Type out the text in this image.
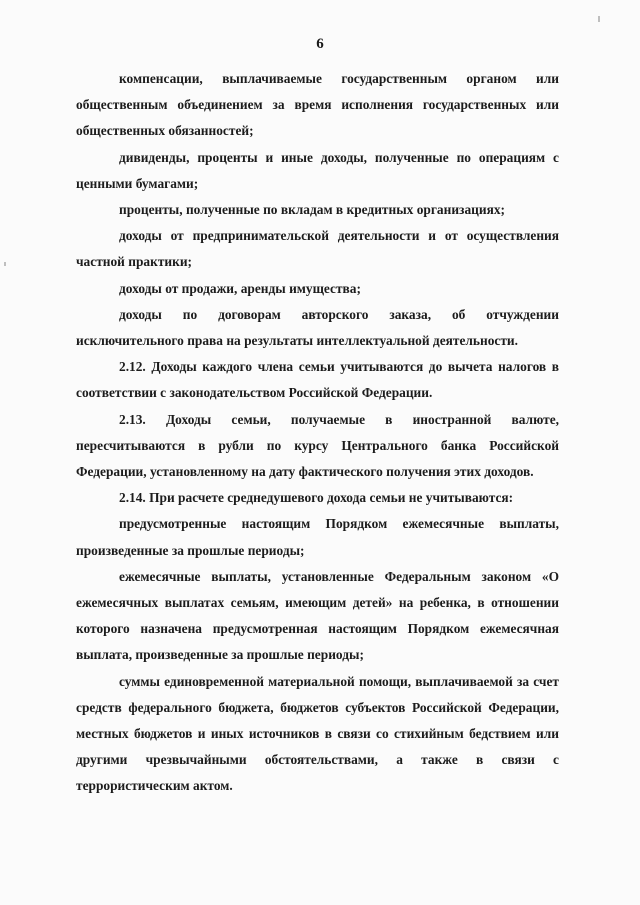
6

компенсации, выплачиваемые государственным органом или общественным объединением за время исполнения государственных или общественных обязанностей;

дивиденды, проценты и иные доходы, полученные по операциям с ценными бумагами;

проценты, полученные по вкладам в кредитных организациях;

доходы от предпринимательской деятельности и от осуществления частной практики;

доходы от продажи, аренды имущества;

доходы по договорам авторского заказа, об отчуждении исключительного права на результаты интеллектуальной деятельности.

2.12. Доходы каждого члена семьи учитываются до вычета налогов в соответствии с законодательством Российской Федерации.

2.13. Доходы семьи, получаемые в иностранной валюте, пересчитываются в рубли по курсу Центрального банка Российской Федерации, установленному на дату фактического получения этих доходов.

2.14. При расчете среднедушевого дохода семьи не учитываются:

предусмотренные настоящим Порядком ежемесячные выплаты, произведенные за прошлые периоды;

ежемесячные выплаты, установленные Федеральным законом «О ежемесячных выплатах семьям, имеющим детей» на ребенка, в отношении которого назначена предусмотренная настоящим Порядком ежемесячная выплата, произведенные за прошлые периоды;

суммы единовременной материальной помощи, выплачиваемой за счет средств федерального бюджета, бюджетов субъектов Российской Федерации, местных бюджетов и иных источников в связи со стихийным бедствием или другими чрезвычайными обстоятельствами, а также в связи с террористическим актом.
